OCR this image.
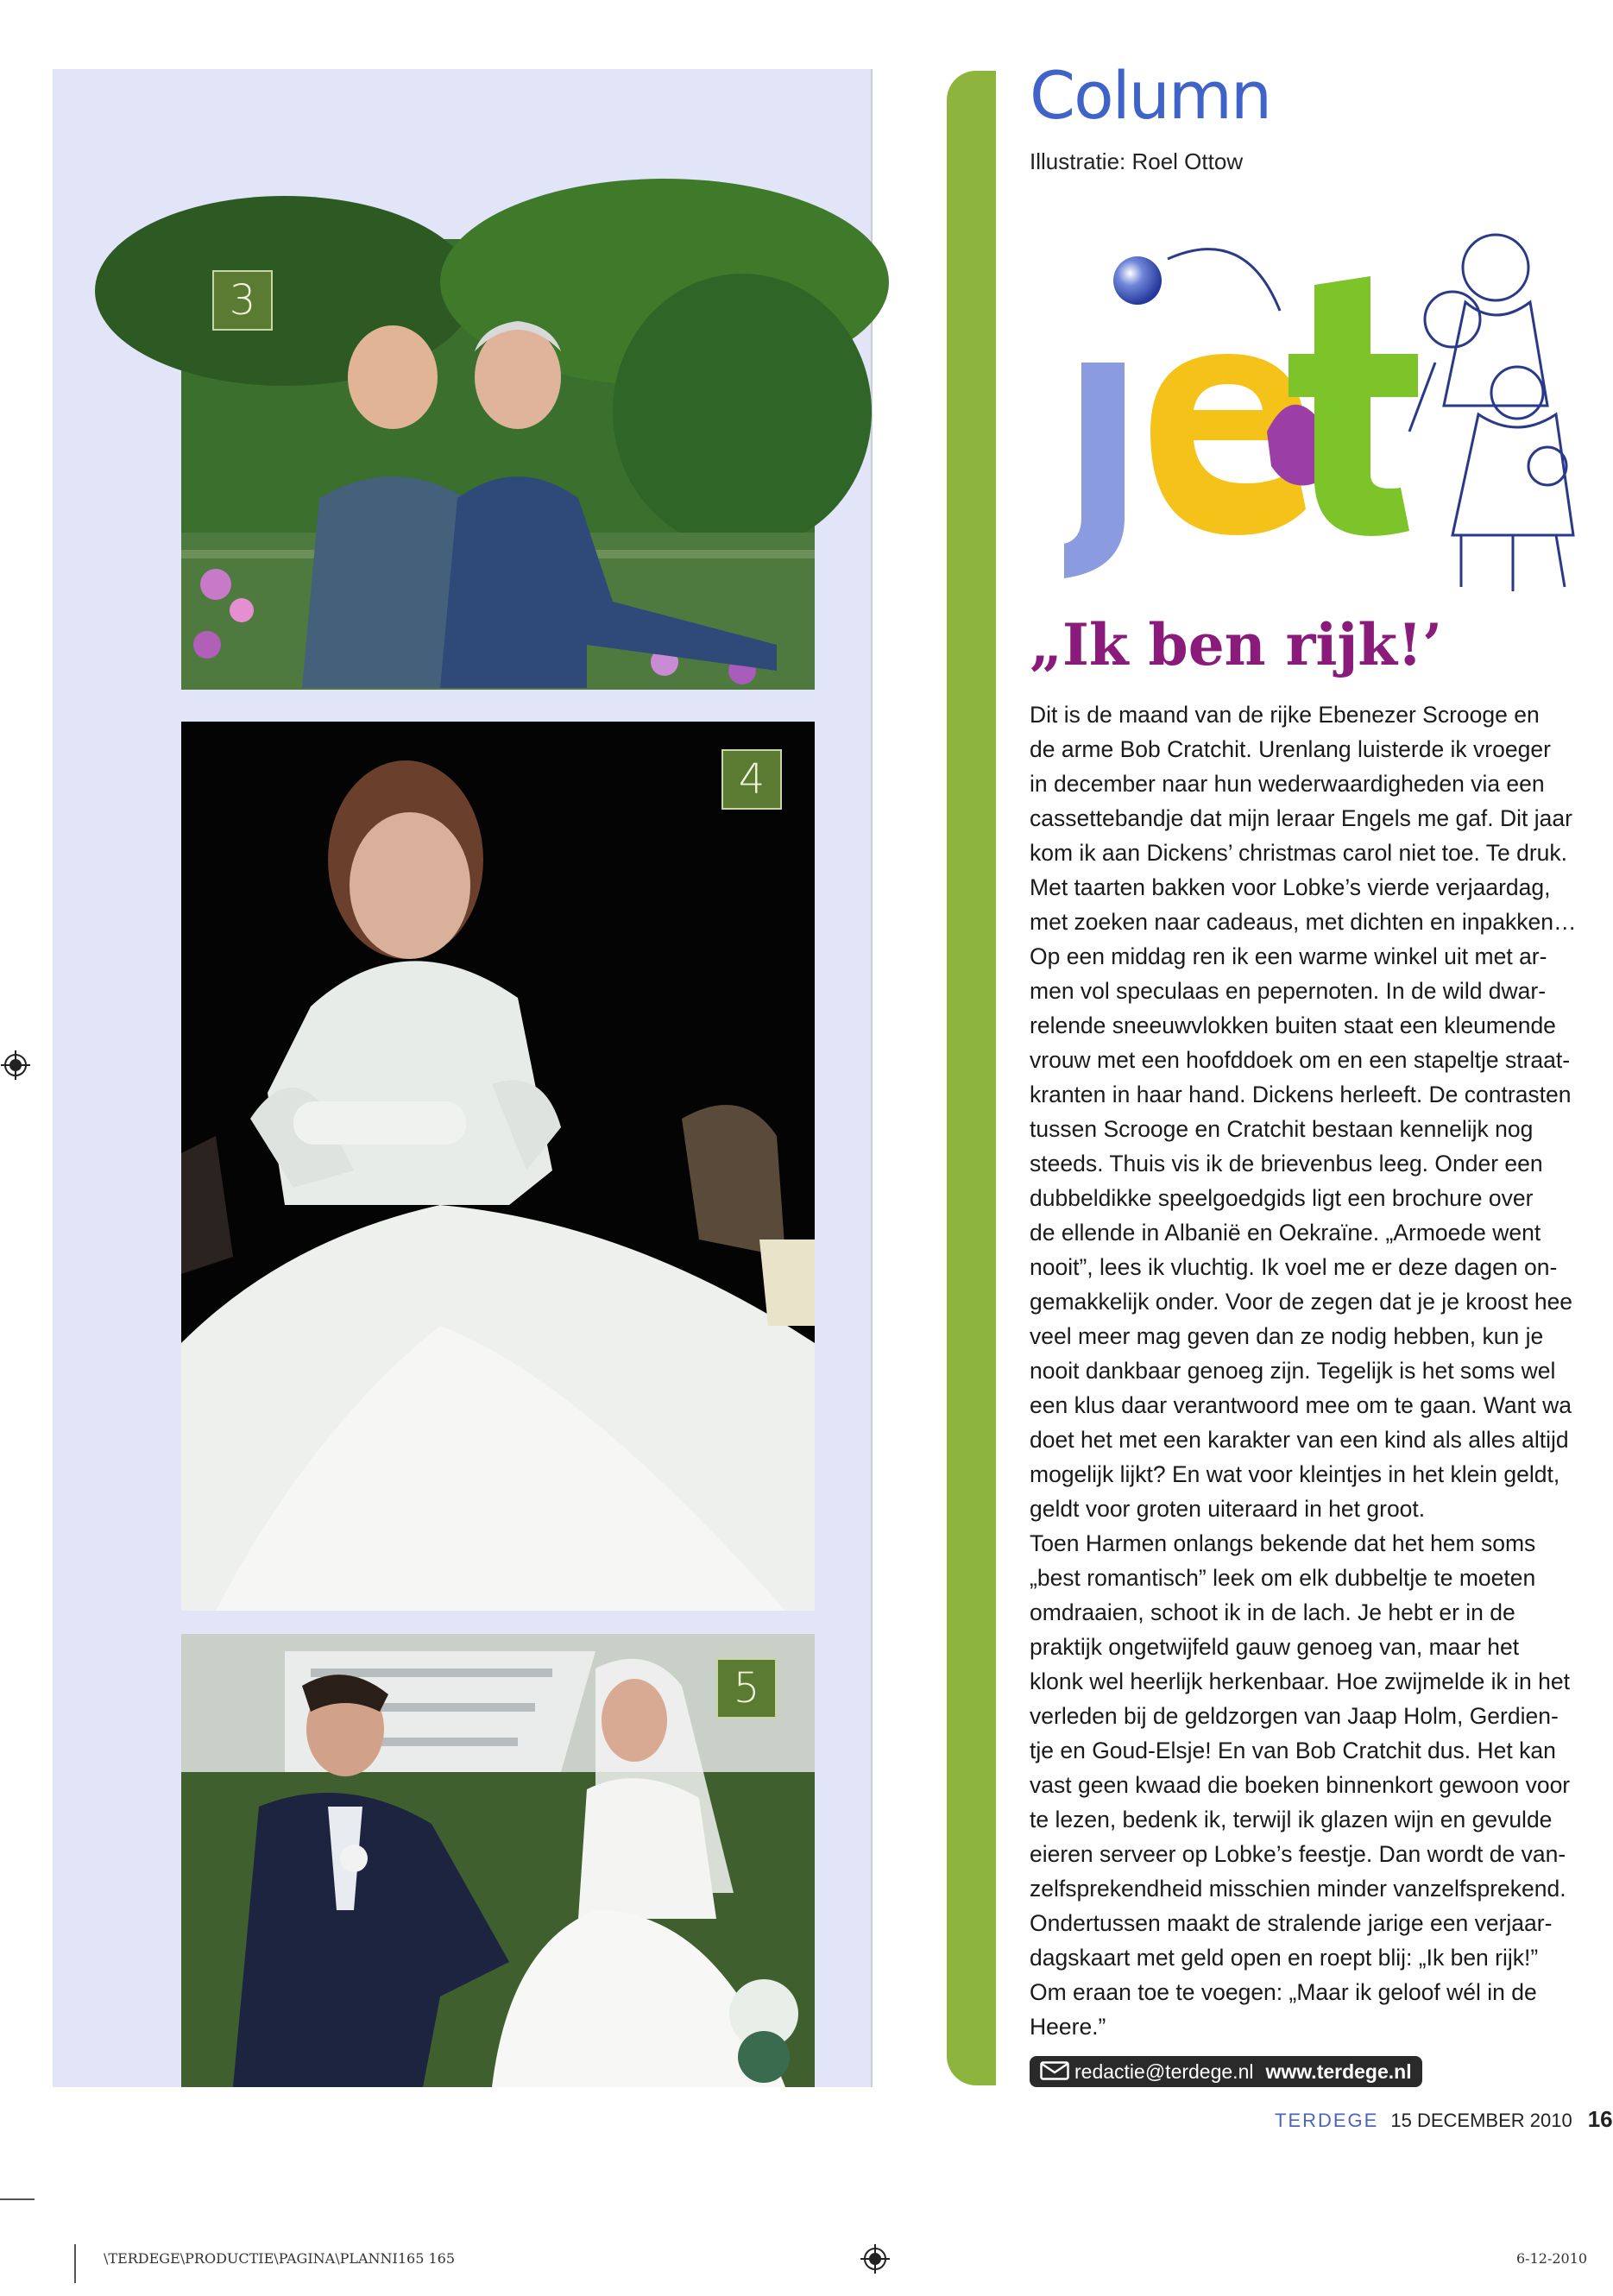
3
4
5
Column
Illustratie: Roel Ottow
„Ik ben rijk!’
Dit is de maand van de rijke Ebenezer Scrooge en
de arme Bob Cratchit. Urenlang luisterde ik vroeger
in december naar hun wederwaardigheden via een
cassettebandje dat mijn leraar Engels me gaf. Dit jaar
kom ik aan Dickens’ christmas carol niet toe. Te druk.
Met taarten bakken voor Lobke’s vierde verjaardag,
met zoeken naar cadeaus, met dichten en inpakken…
Op een middag ren ik een warme winkel uit met ar-
men vol speculaas en pepernoten. In de wild dwar-
relende sneeuwvlokken buiten staat een kleumende
vrouw met een hoofddoek om en een stapeltje straat-
kranten in haar hand. Dickens herleeft. De contrasten
tussen Scrooge en Cratchit bestaan kennelijk nog
steeds. Thuis vis ik de brievenbus leeg. Onder een
dubbeldikke speelgoedgids ligt een brochure over
de ellende in Albanië en Oekraïne. „Armoede went
nooit”, lees ik vluchtig. Ik voel me er deze dagen on-
gemakkelijk onder. Voor de zegen dat je je kroost hee
veel meer mag geven dan ze nodig hebben, kun je
nooit dankbaar genoeg zijn. Tegelijk is het soms wel
een klus daar verantwoord mee om te gaan. Want wa
doet het met een karakter van een kind als alles altijd
mogelijk lijkt? En wat voor kleintjes in het klein geldt,
geldt voor groten uiteraard in het groot.
Toen Harmen onlangs bekende dat het hem soms
„best romantisch” leek om elk dubbeltje te moeten
omdraaien, schoot ik in de lach. Je hebt er in de
praktijk ongetwijfeld gauw genoeg van, maar het
klonk wel heerlijk herkenbaar. Hoe zwijmelde ik in het
verleden bij de geldzorgen van Jaap Holm, Gerdien-
tje en Goud-Elsje! En van Bob Cratchit dus. Het kan
vast geen kwaad die boeken binnenkort gewoon voor
te lezen, bedenk ik, terwijl ik glazen wijn en gevulde
eieren serveer op Lobke’s feestje. Dan wordt de van-
zelfsprekendheid misschien minder vanzelfsprekend.
Ondertussen maakt de stralende jarige een verjaar-
dagskaart met geld open en roept blij: „Ik ben rijk!”
Om eraan toe te voegen: „Maar ik geloof wél in de
Heere.”
redactie@terdege.nl www.terdege.nl
TERDEGE 15 DECEMBER 2010 16
\TERDEGE\PRODUCTIE\PAGINA\PLANNI165 165	6-12-2010
